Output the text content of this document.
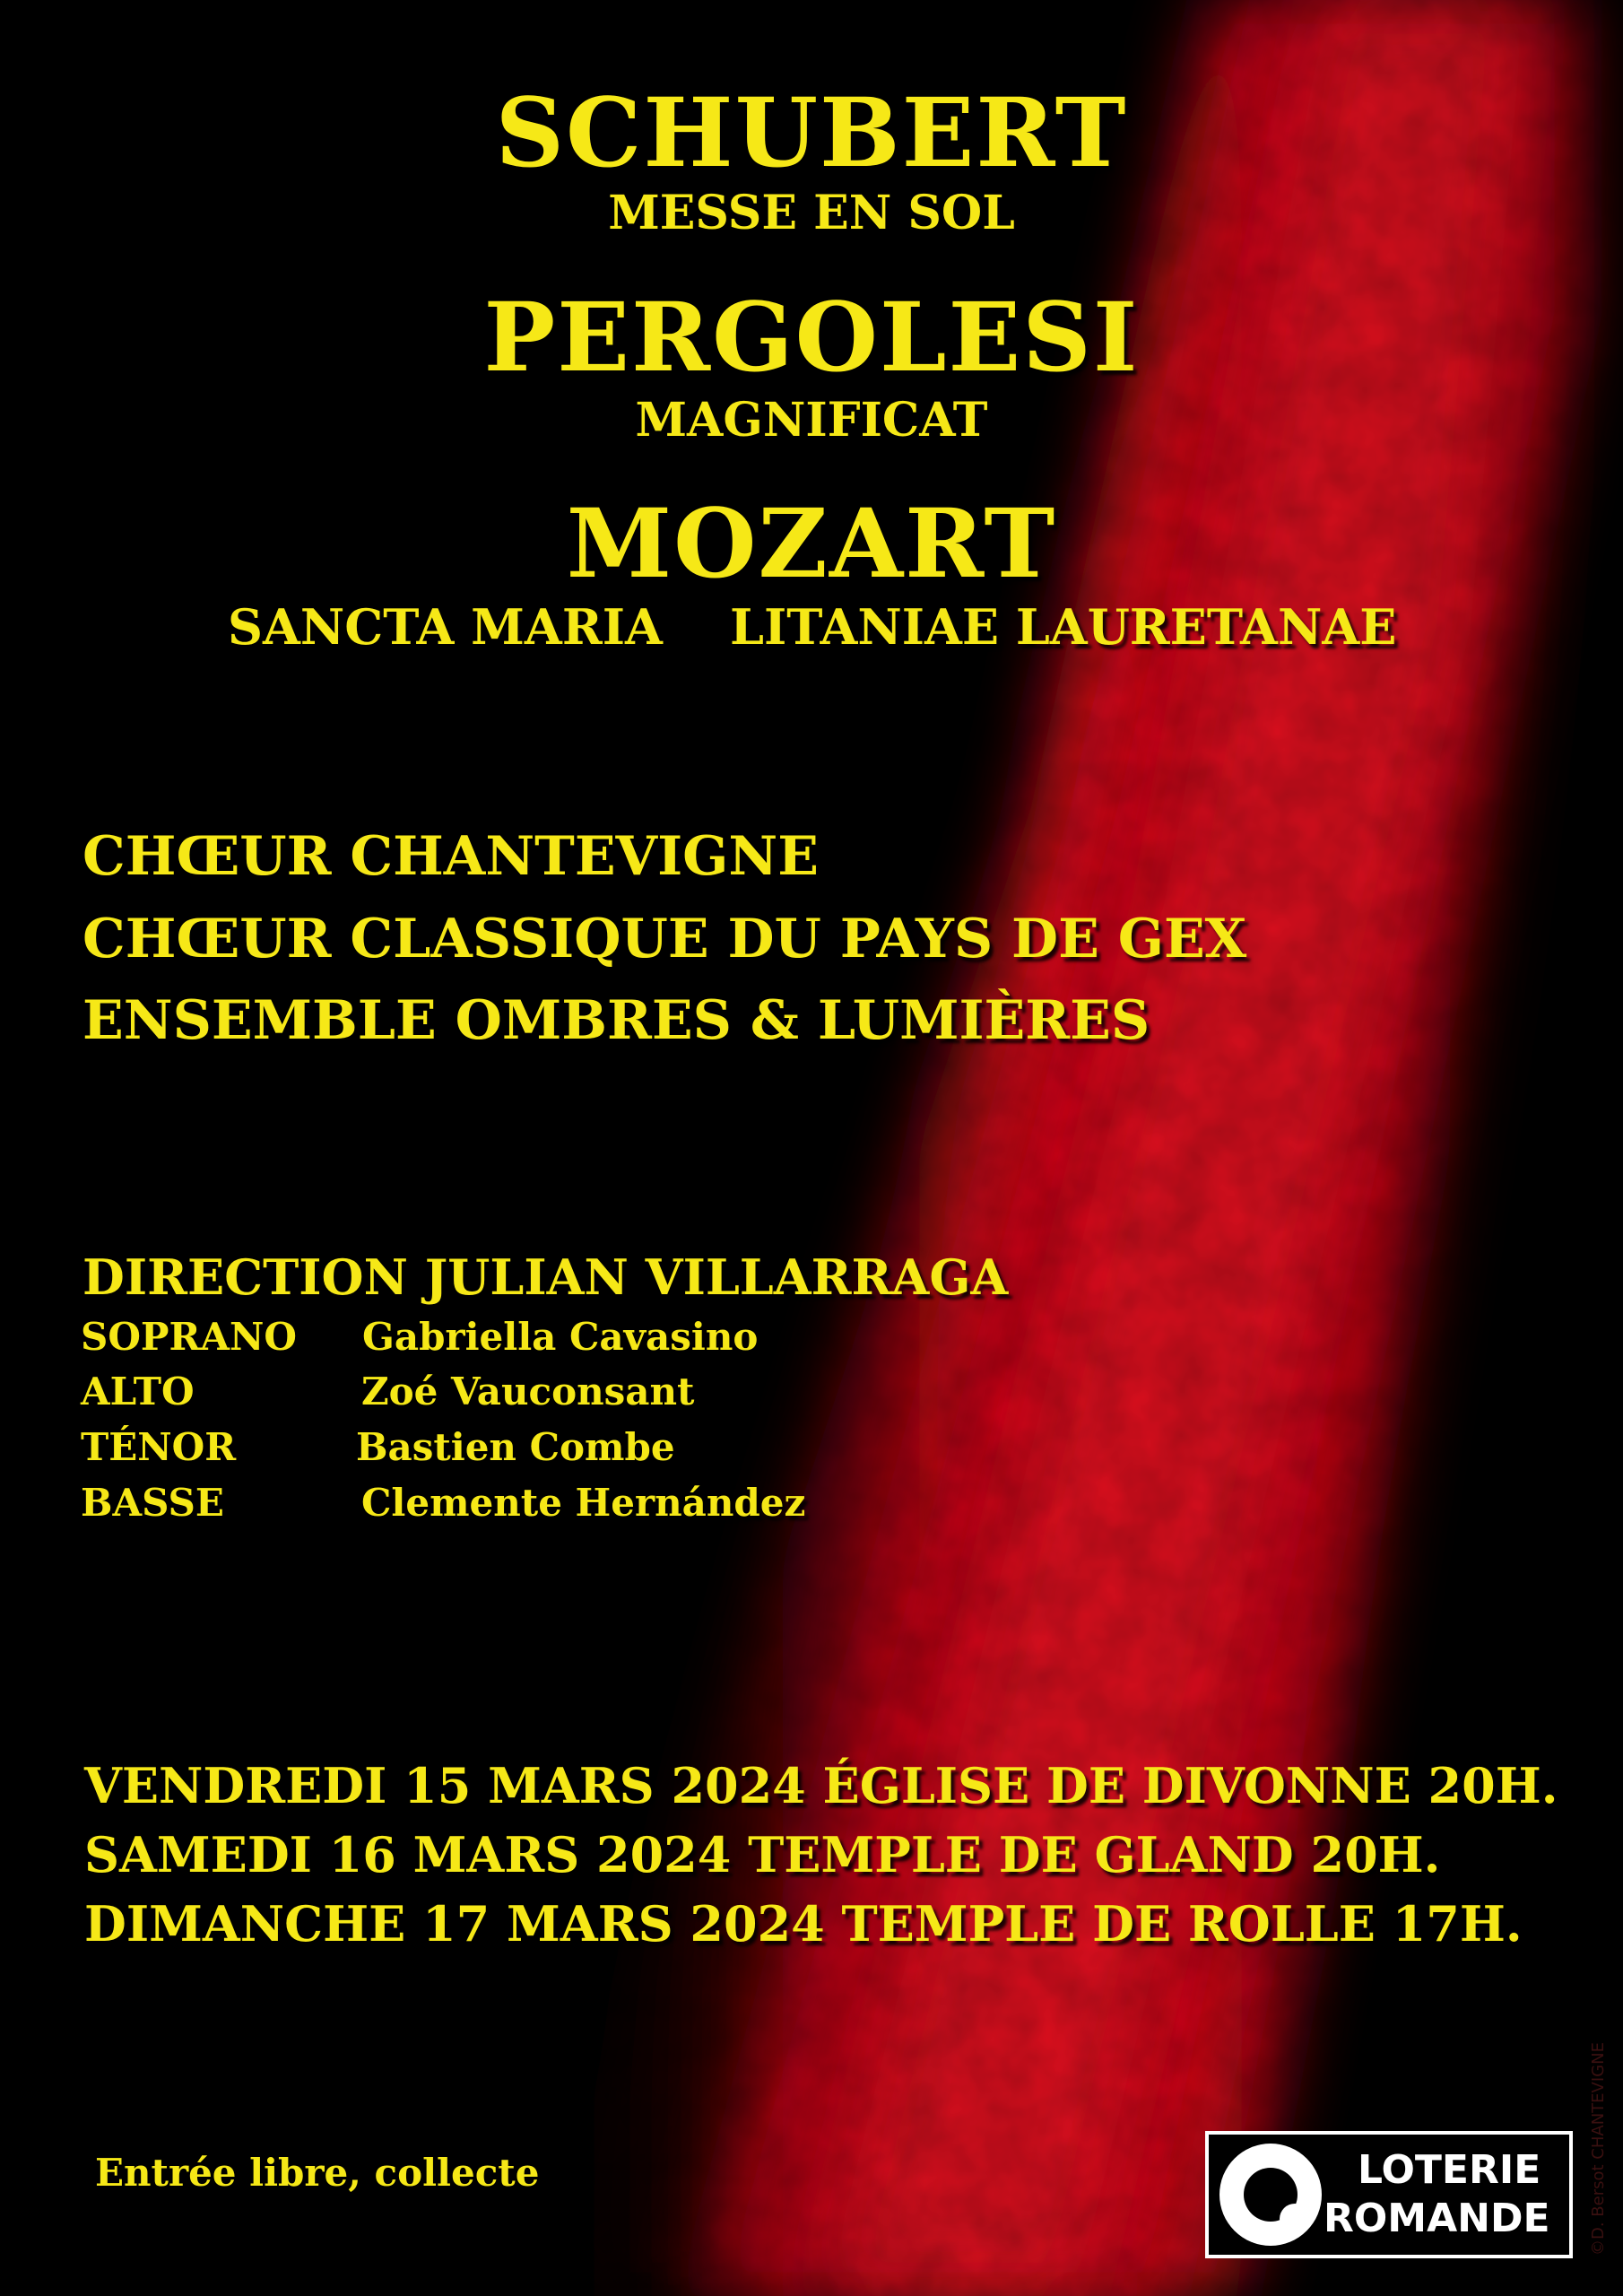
SCHUBERT

MESSE EN SOL

PERGOLESI

MAGNIFICAT

MOZART
SANCTA MARIA LITANIAE LAURETANAE

CHŒUR CHANTEVIGNE

CHŒUR CLASSIQUE DU PAYS DE GEX

ENSEMBLE OMBRES & LUMIÈRES

DIRECTION JULIAN VILLARRAGA

SOPRANO Gabriella Cavasino

ALTO	Zoé Vauconsant

TÉNOR	Bastien Combe

BASSE	Clemente Hernández

VENDREDI 15 MARS 2024 ÉGLISE DE DIVONNE 20H.

SAMEDI 16 MARS 2024 TEMPLE DE GLAND 20H.

DIMANCHE 17 MARS 2024 TEMPLE DE ROLLE 17H.

Entrée libre, collecte	©D. Bersot CHANTEVIGNE

LOTERIE

ROMANDE
